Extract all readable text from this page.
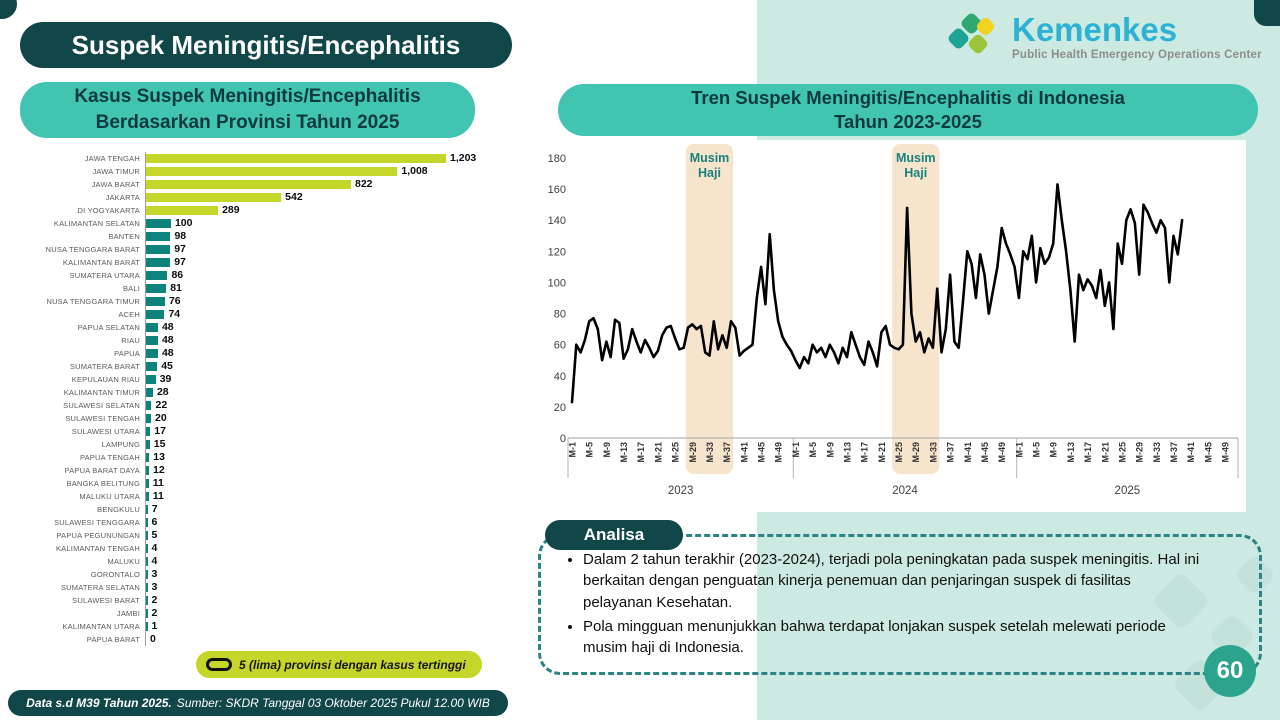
Suspek Meningitis/Encephalitis	Kemenkes
Public Health Emergency Operations Center
Kasus Suspek Meningitis/Encephalitis
Berdasarkan Provinsi Tahun 2025
Tren Suspek Meningitis/Encephalitis di Indonesia
Tahun 2023-2025
JAWA TENGAH	1,203
JAWA TIMUR	1,008
JAWA BARAT	822
JAKARTA	542
DI YOGYAKARTA	289
KALIMANTAN SELATAN	100
BANTEN	98
NUSA TENGGARA BARAT	97
KALIMANTAN BARAT	97
SUMATERA UTARA	86
BALI	81
NUSA TENGGARA TIMUR	76
ACEH	74
PAPUA SELATAN	48
RIAU	48
PAPUA	48
SUMATERA BARAT	45
KEPULAUAN RIAU	39
KALIMANTAN TIMUR	28
SULAWESI SELATAN	22
SULAWESI TENGAH	20
SULAWESI UTARA	17
LAMPUNG	15
PAPUA TENGAH	13
PAPUA BARAT DAYA	12
BANGKA BELITUNG	11
MALUKU UTARA	11
BENGKULU	7
SULAWESI TENGGARA	6
PAPUA PEGUNUNGAN	5
KALIMANTAN TENGAH	4
MALUKU	4
GORONTALO	3
SUMATERA SELATAN	3
SULAWESI BARAT	2
JAMBI	2
KALIMANTAN UTARA	1
PAPUA BARAT 0
5 (lima) provinsi dengan kasus tertinggi
Data s.d M39 Tahun 2025. Sumber: SKDR Tanggal 03 Oktober 2025 Pukul 12.00 WIB
Musim
Haji
Musim
Haji
0
20
40
60
80
100
120
140
160
180
M-1 M-5 M-9 M-13 M-17 M-21 M-25 M-29 M-33 M-37 M-41 M-45 M-49
2023
M-1 M-5 M-9 M-13 M-17 M-21 M-25 M-29 M-33 M-37 M-41 M-45 M-49
2024
M-1 M-5 M-9 M-13 M-17 M-21 M-25 M-29 M-33 M-37 M-41 M-45 M-49
2025
• Dalam 2 tahun terakhir (2023-2024), terjadi pola peningkatan pada suspek meningitis. Hal ini berkaitan dengan penguatan kinerja penemuan dan penjaringan suspek di fasilitas pelayanan Kesehatan.
• Pola mingguan menunjukkan bahwa terdapat lonjakan suspek setelah melewati periode musim haji di Indonesia.
Analisa
60
